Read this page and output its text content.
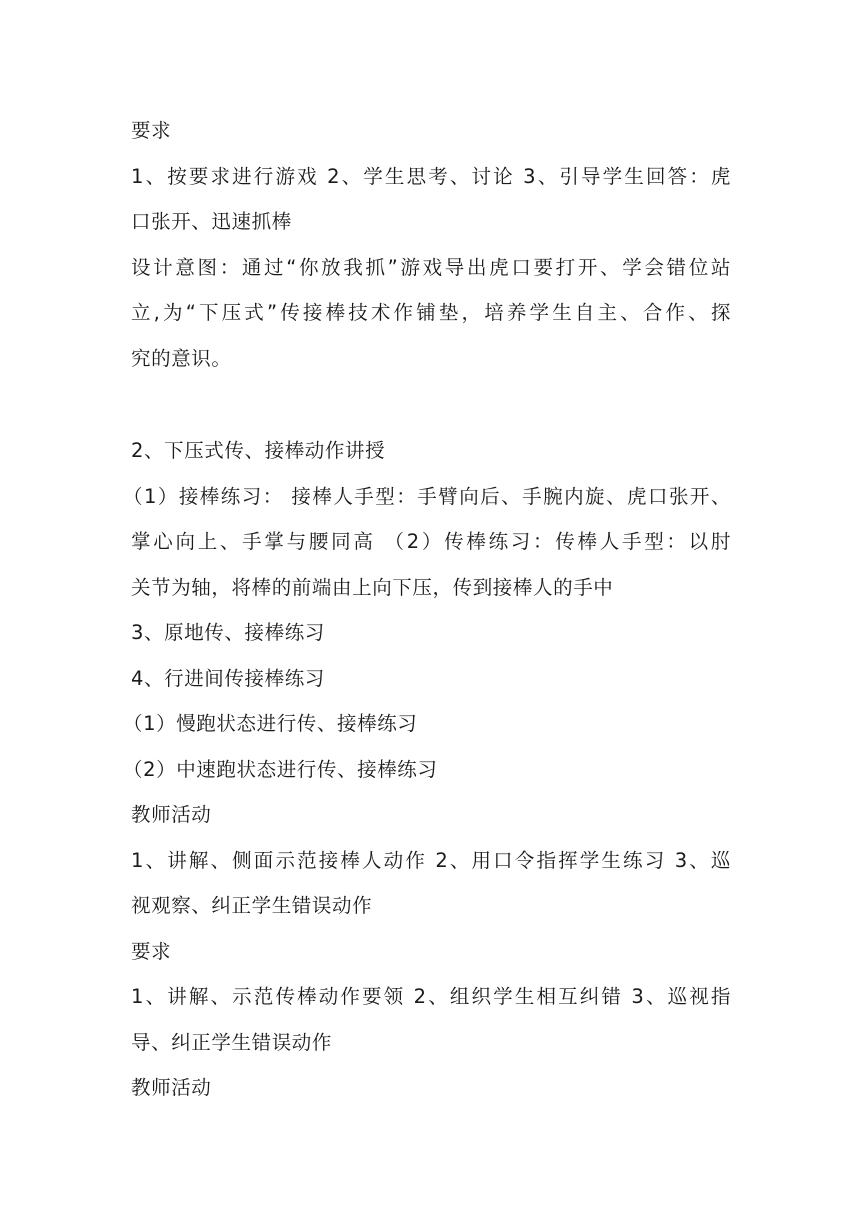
要求
1、按要求进行游戏 2、学生思考、讨论 3、引导学生回答：虎
口张开、迅速抓棒
设计意图：通过“你放我抓”游戏导出虎口要打开、学会错位站
立,为“下压式”传接棒技术作铺垫，培养学生自主、合作、探
究的意识。
2、下压式传、接棒动作讲授
（1）接棒练习： 接棒人手型：手臂向后、手腕内旋、虎口张开、
掌心向上、手掌与腰同高 （2）传棒练习：传棒人手型：以肘
关节为轴，将棒的前端由上向下压，传到接棒人的手中
3、原地传、接棒练习
4、行进间传接棒练习
（1）慢跑状态进行传、接棒练习
（2）中速跑状态进行传、接棒练习
教师活动
1、讲解、侧面示范接棒人动作 2、用口令指挥学生练习 3、巡
视观察、纠正学生错误动作
要求
1、讲解、示范传棒动作要领 2、组织学生相互纠错 3、巡视指
导、纠正学生错误动作
教师活动
